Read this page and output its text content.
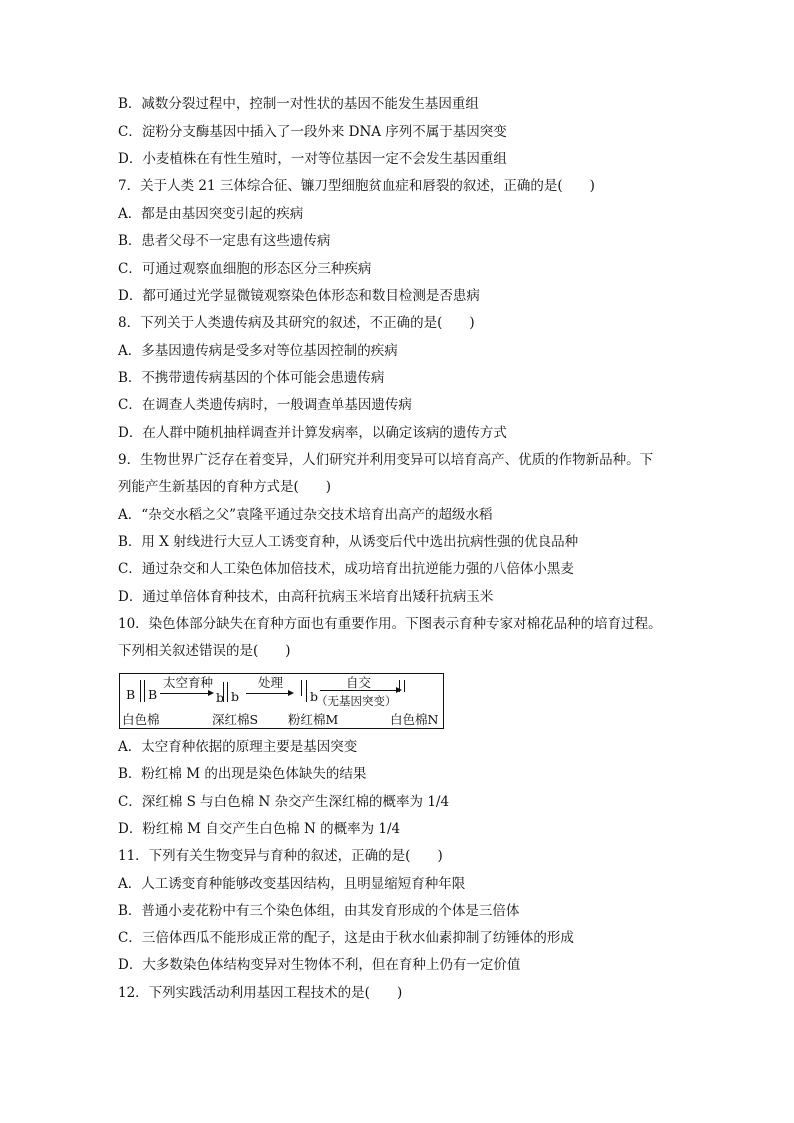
B．减数分裂过程中，控制一对性状的基因不能发生基因重组
C．淀粉分支酶基因中插入了一段外来 DNA 序列不属于基因突变
D．小麦植株在有性生殖时，一对等位基因一定不会发生基因重组
7．关于人类 21 三体综合征、镰刀型细胞贫血症和唇裂的叙述，正确的是(　　)
A．都是由基因突变引起的疾病
B．患者父母不一定患有这些遗传病
C．可通过观察血细胞的形态区分三种疾病
D．都可通过光学显微镜观察染色体形态和数目检测是否患病
8．下列关于人类遗传病及其研究的叙述，不正确的是(　　)
A．多基因遗传病是受多对等位基因控制的疾病
B．不携带遗传病基因的个体可能会患遗传病
C．在调查人类遗传病时，一般调查单基因遗传病
D．在人群中随机抽样调查并计算发病率，以确定该病的遗传方式
9．生物世界广泛存在着变异，人们研究并利用变异可以培育高产、优质的作物新品种。下
列能产生新基因的育种方式是(　　)
A．“杂交水稻之父”袁隆平通过杂交技术培育出高产的超级水稻
B．用 X 射线进行大豆人工诱变育种，从诱变后代中选出抗病性强的优良品种
C．通过杂交和人工染色体加倍技术，成功培育出抗逆能力强的八倍体小黑麦
D．通过单倍体育种技术，由高秆抗病玉米培育出矮秆抗病玉米
10．染色体部分缺失在育种方面也有重要作用。下图表示育种专家对棉花品种的培育过程。
下列相关叙述错误的是(　　)
B B
太空育种
b
b
处理
b
自交
（无基因突变）
白色棉	深红棉S 粉红棉M	白色棉N
A．太空育种依据的原理主要是基因突变
B．粉红棉 M 的出现是染色体缺失的结果
C．深红棉 S 与白色棉 N 杂交产生深红棉的概率为 1/4
D．粉红棉 M 自交产生白色棉 N 的概率为 1/4
11．下列有关生物变异与育种的叙述，正确的是(　　)
A．人工诱变育种能够改变基因结构，且明显缩短育种年限
B．普通小麦花粉中有三个染色体组，由其发育形成的个体是三倍体
C．三倍体西瓜不能形成正常的配子，这是由于秋水仙素抑制了纺锤体的形成
D．大多数染色体结构变异对生物体不利，但在育种上仍有一定价值
12．下列实践活动利用基因工程技术的是(　　)
